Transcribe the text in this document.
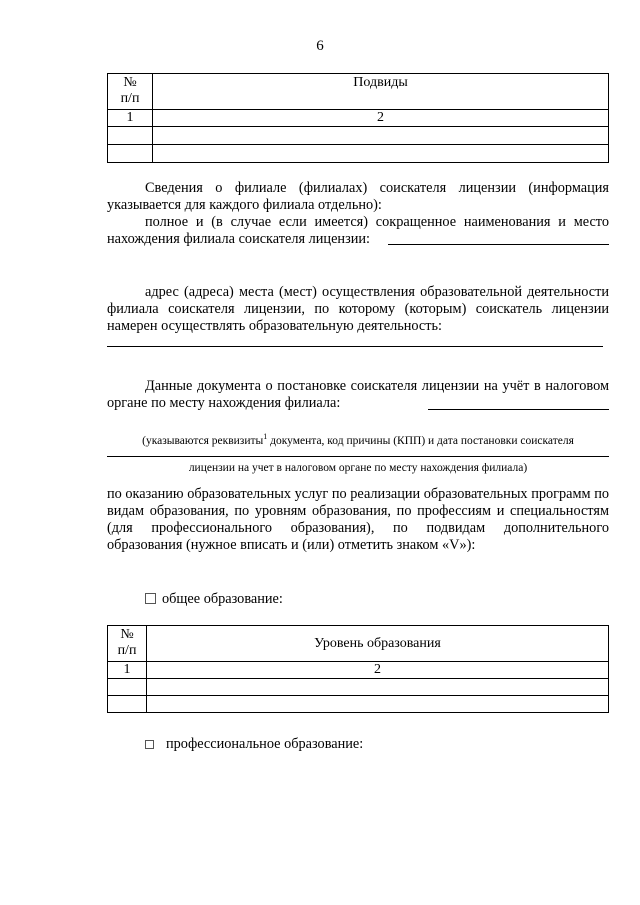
6
№
п/п	Подвиды
1	2

Сведения о филиале (филиалах) соискателя лицензии (информация указывается для каждого филиала отдельно):
полное и (в случае если имеется) сокращенное наименования и место нахождения филиала соискателя лицензии:
адрес (адреса) места (мест) осуществления образовательной деятельности филиала соискателя лицензии, по которому (которым) соискатель лицензии намерен осуществлять образовательную деятельность:
Данные документа о постановке соискателя лицензии на учёт в налоговом органе по месту нахождения филиала:
(указываются реквизиты$^1$ документа, код причины (КПП) и дата постановки соискателя
лицензии на учет в налоговом органе по месту нахождения филиала)
по оказанию образовательных услуг по реализации образовательных программ по видам образования, по уровням образования, по профессиям и специальностям (для профессионального образования), по подвидам дополнительного образования (нужное вписать и (или) отметить знаком «V»):
общее образование:
№
п/п	Уровень образования
1	2

профессиональное образование:
